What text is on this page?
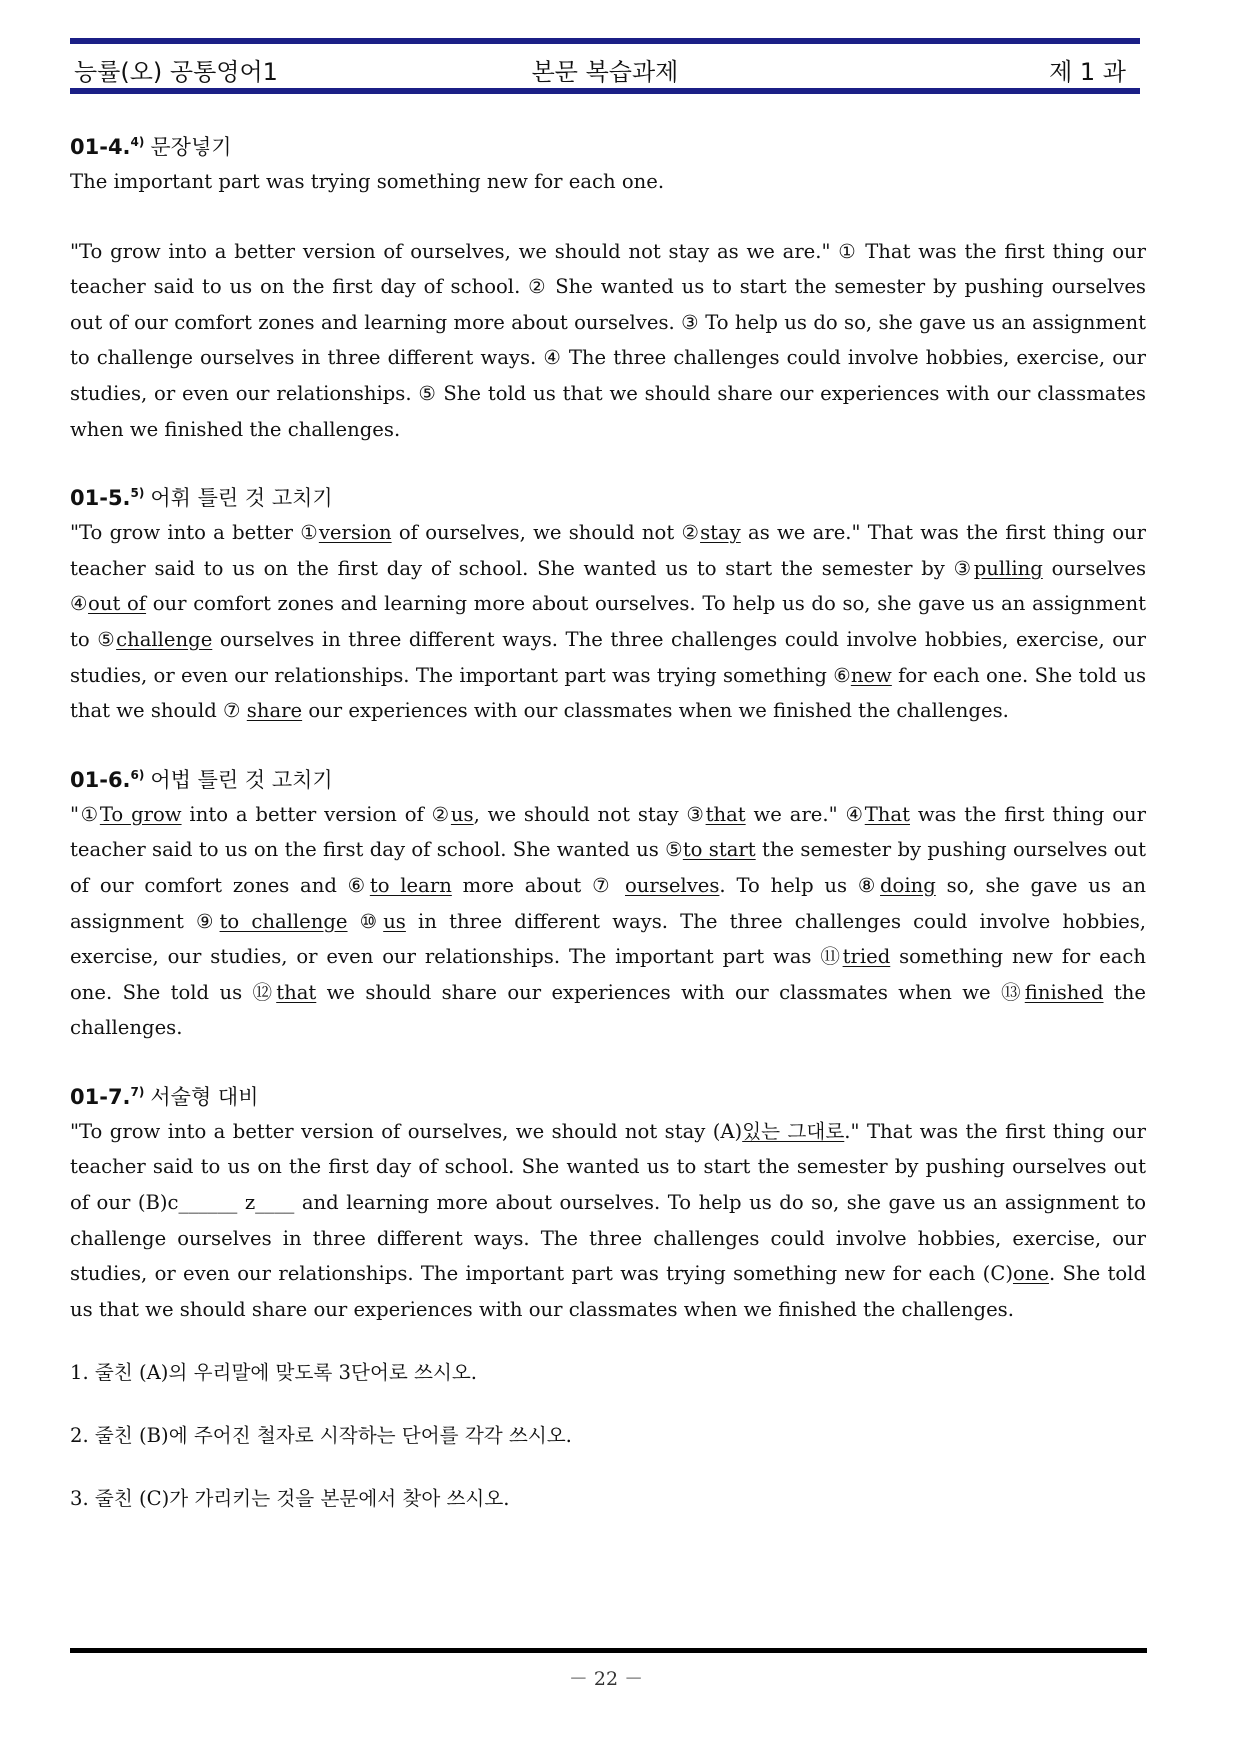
능률(오) 공통영어1	본문 복습과제	제 1 과

01-4.$^{4)}$ 문장넣기

The important part was trying something new for each one.

"To grow into a better version of ourselves, we should not stay as we are." ① That was the first thing our teacher said to us on the first day of school. ② She wanted us to start the semester by pushing ourselves out of our comfort zones and learning more about ourselves. ③ To help us do so, she gave us an assignment to challenge ourselves in three different ways. ④ The three challenges could involve hobbies, exercise, our studies, or even our relationships. ⑤ She told us that we should share our experiences with our classmates when we finished the challenges.

01-5.$^{5)}$ 어휘 틀린 것 고치기

"To grow into a better ①version of ourselves, we should not ②stay as we are." That was the first thing our teacher said to us on the first day of school. She wanted us to start the semester by ③pulling ourselves ④out of our comfort zones and learning more about ourselves. To help us do so, she gave us an assignment to ⑤challenge ourselves in three different ways. The three challenges could involve hobbies, exercise, our studies, or even our relationships. The important part was trying something ⑥new for each one. She told us that we should ⑦ share our experiences with our classmates when we finished the challenges.

01-6.$^{6)}$ 어법 틀린 것 고치기

"①To grow into a better version of ②us, we should not stay ③that we are." ④That was the first thing our teacher said to us on the first day of school. She wanted us ⑤to start the semester by pushing ourselves out of our comfort zones and ⑥to learn more about ⑦ ourselves. To help us ⑧doing so, she gave us an assignment ⑨to challenge ⑩us in three different ways. The three challenges could involve hobbies, exercise, our studies, or even our relationships. The important part was ⑪tried something new for each one. She told us ⑫that we should share our experiences with our classmates when we ⑬finished the challenges.

01-7.$^{7)}$ 서술형 대비

"To grow into a better version of ourselves, we should not stay (A)있는 그대로." That was the first thing our teacher said to us on the first day of school. She wanted us to start the semester by pushing ourselves out of our (B)c______ z____ and learning more about ourselves. To help us do so, she gave us an assignment to challenge ourselves in three different ways. The three challenges could involve hobbies, exercise, our studies, or even our relationships. The important part was trying something new for each (C)one. She told us that we should share our experiences with our classmates when we finished the challenges.

1. 줄친 (A)의 우리말에 맞도록 3단어로 쓰시오.

2. 줄친 (B)에 주어진 철자로 시작하는 단어를 각각 쓰시오.

3. 줄친 (C)가 가리키는 것을 본문에서 찾아 쓰시오.

－ 22 －
